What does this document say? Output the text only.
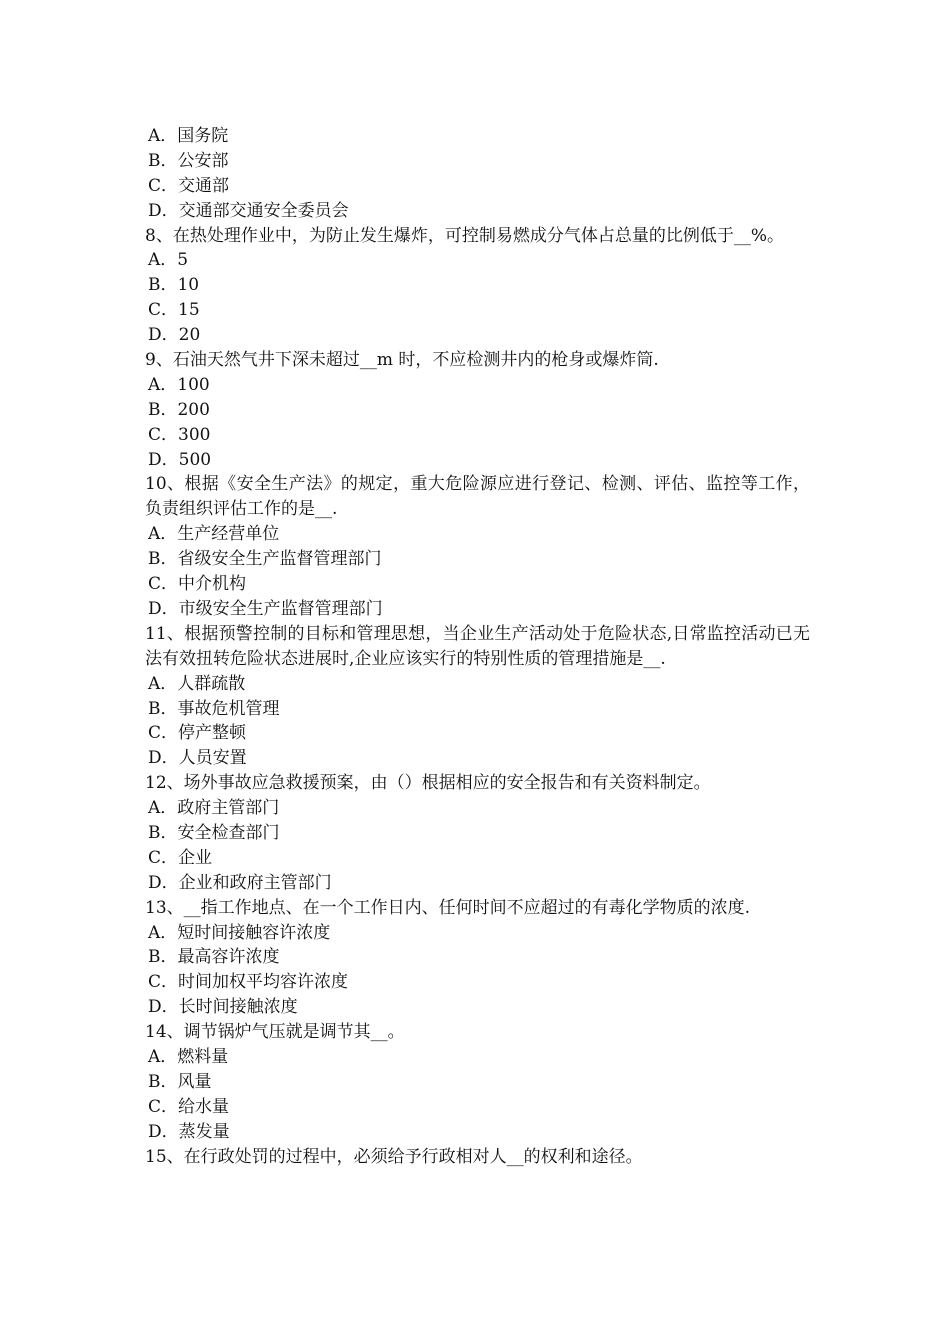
A．国务院
B．公安部
C．交通部
D．交通部交通安全委员会
8、在热处理作业中，为防止发生爆炸，可控制易燃成分气体占总量的比例低于__%。
A．5
B．10
C．15
D．20
9、石油天然气井下深未超过__m 时，不应检测井内的枪身或爆炸筒.
A．100
B．200
C．300
D．500
10、根据《安全生产法》的规定，重大危险源应进行登记、检测、评估、监控等工作，负责组织评估工作的是__.
A．生产经营单位
B．省级安全生产监督管理部门
C．中介机构
D．市级安全生产监督管理部门
11、根据预警控制的目标和管理思想，当企业生产活动处于危险状态,日常监控活动已无法有效扭转危险状态进展时,企业应该实行的特别性质的管理措施是__.
A．人群疏散
B．事故危机管理
C．停产整顿
D．人员安置
12、场外事故应急救援预案，由（）根据相应的安全报告和有关资料制定。
A．政府主管部门
B．安全检查部门
C．企业
D．企业和政府主管部门
13、__指工作地点、在一个工作日内、任何时间不应超过的有毒化学物质的浓度.
A．短时间接触容许浓度
B．最高容许浓度
C．时间加权平均容许浓度
D．长时间接触浓度
14、调节锅炉气压就是调节其__。
A．燃料量
B．风量
C．给水量
D．蒸发量
15、在行政处罚的过程中，必须给予行政相对人__的权利和途径。
